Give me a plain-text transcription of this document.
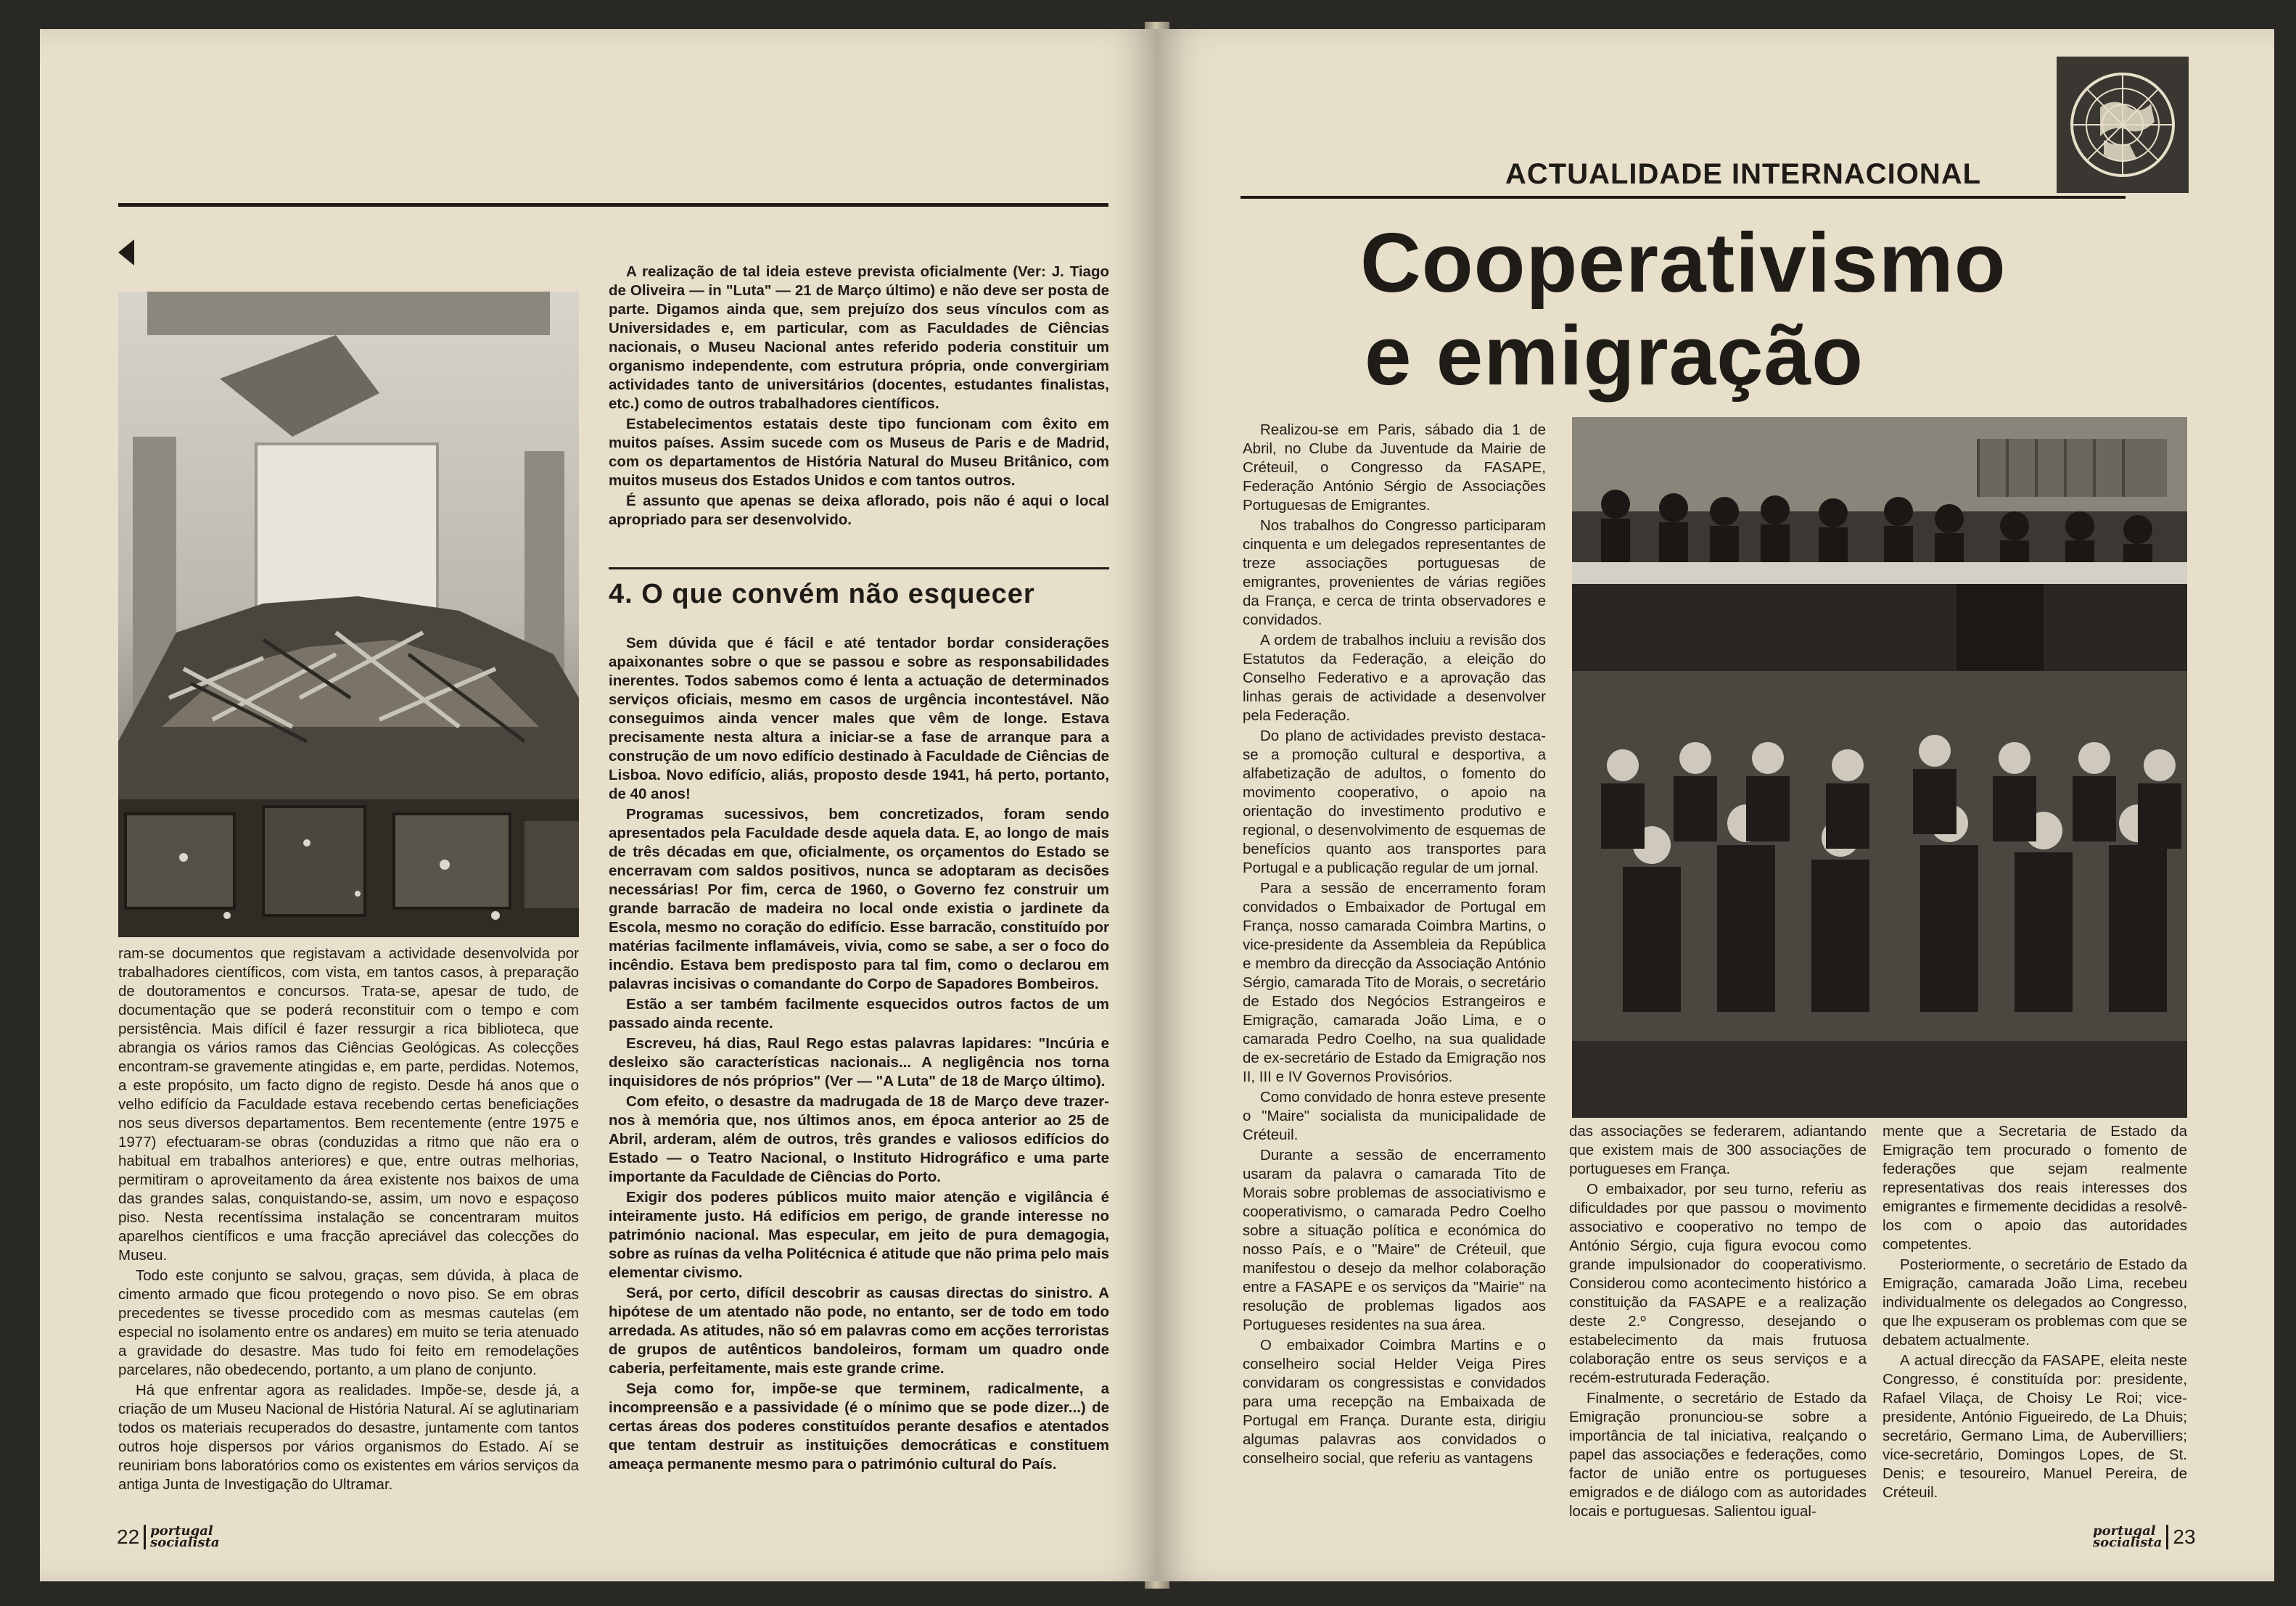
ram-se documentos que registavam a actividade desenvolvida por trabalhadores científicos, com vista, em tantos casos, à preparação de doutoramentos e concursos. Trata-se, apesar de tudo, de documentação que se poderá reconstituir com o tempo e com persistência. Mais difícil é fazer ressurgir a rica biblioteca, que abrangia os vários ramos das Ciências Geológicas. As colecções encontram-se gravemente atingidas e, em parte, perdidas. Notemos, a este propósito, um facto digno de registo. Desde há anos que o velho edifício da Faculdade estava recebendo certas beneficiações nos seus diversos departamentos. Bem recentemente (entre 1975 e 1977) efectuaram-se obras (conduzidas a ritmo que não era o habitual em trabalhos anteriores) e que, entre outras melhorias, permitiram o aproveitamento da área existente nos baixos de uma das grandes salas, conquistando-se, assim, um novo e espaçoso piso. Nesta recentíssima instalação se concentraram muitos aparelhos científicos e uma fracção apreciável das colecções do Museu.

Todo este conjunto se salvou, graças, sem dúvida, à placa de cimento armado que ficou protegendo o novo piso. Se em obras precedentes se tivesse procedido com as mesmas cautelas (em especial no isolamento entre os andares) em muito se teria atenuado a gravidade do desastre. Mas tudo foi feito em remodelações parcelares, não obedecendo, portanto, a um plano de conjunto.

Há que enfrentar agora as realidades. Impõe-se, desde já, a criação de um Museu Nacional de História Natural. Aí se aglutinariam todos os materiais recuperados do desastre, juntamente com tantos outros hoje dispersos por vários organismos do Estado. Aí se reuniriam bons laboratórios como os existentes em vários serviços da antiga Junta de Investigação do Ultramar.

A realização de tal ideia esteve prevista oficialmente (Ver: J. Tiago de Oliveira — in "Luta" — 21 de Março último) e não deve ser posta de parte. Digamos ainda que, sem prejuízo dos seus vínculos com as Universidades e, em particular, com as Faculdades de Ciências nacionais, o Museu Nacional antes referido poderia constituir um organismo independente, com estrutura própria, onde convergiriam actividades tanto de universitários (docentes, estudantes finalistas, etc.) como de outros trabalhadores científicos.

Estabelecimentos estatais deste tipo funcionam com êxito em muitos países. Assim sucede com os Museus de Paris e de Madrid, com os departamentos de História Natural do Museu Britânico, com muitos museus dos Estados Unidos e com tantos outros.

É assunto que apenas se deixa aflorado, pois não é aqui o local apropriado para ser desenvolvido.

4. O que convém não esquecer

Sem dúvida que é fácil e até tentador bordar considerações apaixonantes sobre o que se passou e sobre as responsabilidades inerentes. Todos sabemos como é lenta a actuação de determinados serviços oficiais, mesmo em casos de urgência incontestável. Não conseguimos ainda vencer males que vêm de longe. Estava precisamente nesta altura a iniciar-se a fase de arranque para a construção de um novo edifício destinado à Faculdade de Ciências de Lisboa. Novo edifício, aliás, proposto desde 1941, há perto, portanto, de 40 anos!

Programas sucessivos, bem concretizados, foram sendo apresentados pela Faculdade desde aquela data. E, ao longo de mais de três décadas em que, oficialmente, os orçamentos do Estado se encerravam com saldos positivos, nunca se adoptaram as decisões necessárias! Por fim, cerca de 1960, o Governo fez construir um grande barracão de madeira no local onde existia o jardinete da Escola, mesmo no coração do edifício. Esse barracão, constituído por matérias facilmente inflamáveis, vivia, como se sabe, a ser o foco do incêndio. Estava bem predisposto para tal fim, como o declarou em palavras incisivas o comandante do Corpo de Sapadores Bombeiros.

Estão a ser também facilmente esquecidos outros factos de um passado ainda recente.

Escreveu, há dias, Raul Rego estas palavras lapidares: "Incúria e desleixo são características nacionais... A negligência nos torna inquisidores de nós próprios" (Ver — "A Luta" de 18 de Março último).

Com efeito, o desastre da madrugada de 18 de Março deve trazer-nos à memória que, nos últimos anos, em época anterior ao 25 de Abril, arderam, além de outros, três grandes e valiosos edifícios do Estado — o Teatro Nacional, o Instituto Hidrográfico e uma parte importante da Faculdade de Ciências do Porto.

Exigir dos poderes públicos muito maior atenção e vigilância é inteiramente justo. Há edifícios em perigo, de grande interesse no património nacional. Mas especular, em jeito de pura demagogia, sobre as ruínas da velha Politécnica é atitude que não prima pelo mais elementar civismo.

Será, por certo, difícil descobrir as causas directas do sinistro. A hipótese de um atentado não pode, no entanto, ser de todo em todo arredada. As atitudes, não só em palavras como em acções terroristas de grupos de autênticos bandoleiros, formam um quadro onde caberia, perfeitamente, mais este grande crime.

Seja como for, impõe-se que terminem, radicalmente, a incompreensão e a passividade (é o mínimo que se pode dizer...) de certas áreas dos poderes constituídos perante desafios e atentados que tentam destruir as instituições democráticas e constituem ameaça permanente mesmo para o património cultural do País.

22 portugal
socialista
ACTUALIDADE INTERNACIONAL
Cooperativismo
e emigração

Realizou-se em Paris, sábado dia 1 de Abril, no Clube da Juventude da Mairie de Créteuil, o Congresso da FASAPE, Federação António Sérgio de Associações Portuguesas de Emigrantes.

Nos trabalhos do Congresso participaram cinquenta e um delegados representantes de treze associações portuguesas de emigrantes, provenientes de várias regiões da França, e cerca de trinta observadores e convidados.

A ordem de trabalhos incluiu a revisão dos Estatutos da Federação, a eleição do Conselho Federativo e a aprovação das linhas gerais de actividade a desenvolver pela Federação.

Do plano de actividades previsto destaca-se a promoção cultural e desportiva, a alfabetização de adultos, o fomento do movimento cooperativo, o apoio na orientação do investimento produtivo e regional, o desenvolvimento de esquemas de benefícios quanto aos transportes para Portugal e a publicação regular de um jornal.

Para a sessão de encerramento foram convidados o Embaixador de Portugal em França, nosso camarada Coimbra Martins, o vice-presidente da Assembleia da República e membro da direcção da Associação António Sérgio, camarada Tito de Morais, o secretário de Estado dos Negócios Estrangeiros e Emigração, camarada João Lima, e o camarada Pedro Coelho, na sua qualidade de ex-secretário de Estado da Emigração nos II, III e IV Governos Provisórios.

Como convidado de honra esteve presente o "Maire" socialista da municipalidade de Créteuil.

Durante a sessão de encerramento usaram da palavra o camarada Tito de Morais sobre problemas de associativismo e cooperativismo, o camarada Pedro Coelho sobre a situação política e económica do nosso País, e o "Maire" de Créteuil, que manifestou o desejo da melhor colaboração entre a FASAPE e os serviços da "Mairie" na resolução de problemas ligados aos Portugueses residentes na sua área.

O embaixador Coimbra Martins e o conselheiro social Helder Veiga Pires convidaram os congressistas e convidados para uma recepção na Embaixada de Portugal em França. Durante esta, dirigiu algumas palavras aos convidados o conselheiro social, que referiu as vantagens

das associações se federarem, adiantando que existem mais de 300 associações de portugueses em França.

O embaixador, por seu turno, referiu as dificuldades por que passou o movimento associativo e cooperativo no tempo de António Sérgio, cuja figura evocou como grande impulsionador do cooperativismo. Considerou como acontecimento histórico a constituição da FASAPE e a realização deste 2.º Congresso, desejando o estabelecimento da mais frutuosa colaboração entre os seus serviços e a recém-estruturada Federação.

Finalmente, o secretário de Estado da Emigração pronunciou-se sobre a importância de tal iniciativa, realçando o papel das associações e federações, como factor de união entre os portugueses emigrados e de diálogo com as autoridades locais e portuguesas. Salientou igual-

mente que a Secretaria de Estado da Emigração tem procurado o fomento de federações que sejam realmente representativas dos reais interesses dos emigrantes e firmemente decididas a resolvê-los com o apoio das autoridades competentes.

Posteriormente, o secretário de Estado da Emigração, camarada João Lima, recebeu individualmente os delegados ao Congresso, que lhe expuseram os problemas com que se debatem actualmente.

A actual direcção da FASAPE, eleita neste Congresso, é constituída por: presidente, Rafael Vilaça, de Choisy Le Roi; vice-presidente, António Figueiredo, de La Dhuis; secretário, Germano Lima, de Aubervilliers; vice-secretário, Domingos Lopes, de St. Denis; e tesoureiro, Manuel Pereira, de Créteuil.

portugal
socialista 23
